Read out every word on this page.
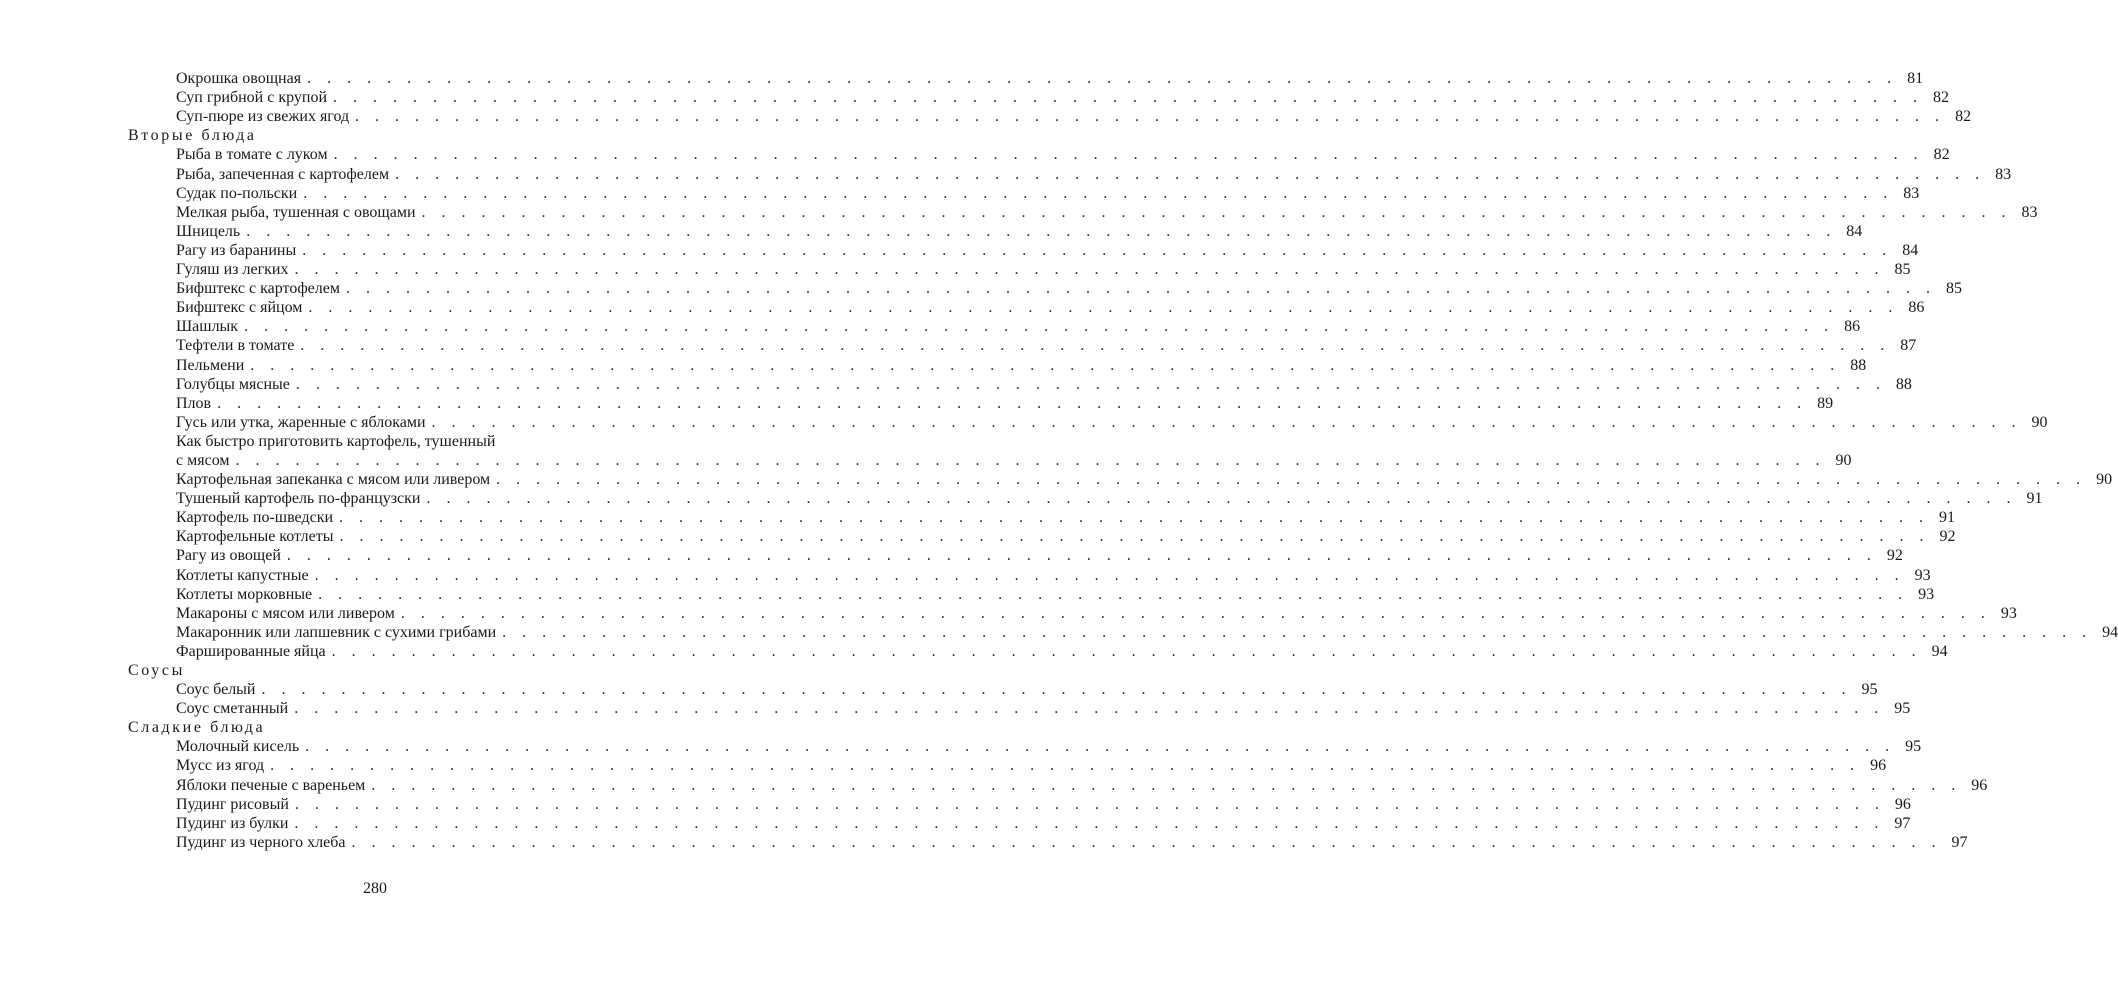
Окрошка овощная . . . . . . . . . . . . . . . . . . . . . . . . . . . . . . . . . . . . . . . . . . . . . . . . . . . . . . . . . . . . . . . . . . . . . . . . . . . . . . . . 81
Суп грибной с крупой . . . . . . . . . . . . . . . . . . . . . . . . . . . . . . . . . . . . . . . . . . . . . . . . . . . . . . . . . . . . . . . . . . . . . . . . . . . . . . . . 82
Суп-пюре из свежих ягод . . . . . . . . . . . . . . . . . . . . . . . . . . . . . . . . . . . . . . . . . . . . . . . . . . . . . . . . . . . . . . . . . . . . . . . . . . . . . . . . 82
Вторые блюда
Рыба в томате с луком . . . . . . . . . . . . . . . . . . . . . . . . . . . . . . . . . . . . . . . . . . . . . . . . . . . . . . . . . . . . . . . . . . . . . . . . . . . . . . . . 82
Рыба, запеченная с картофелем . . . . . . . . . . . . . . . . . . . . . . . . . . . . . . . . . . . . . . . . . . . . . . . . . . . . . . . . . . . . . . . . . . . . . . . . . . . . . . . . 83
Судак по-польски . . . . . . . . . . . . . . . . . . . . . . . . . . . . . . . . . . . . . . . . . . . . . . . . . . . . . . . . . . . . . . . . . . . . . . . . . . . . . . . . 83
Мелкая рыба, тушенная с овощами . . . . . . . . . . . . . . . . . . . . . . . . . . . . . . . . . . . . . . . . . . . . . . . . . . . . . . . . . . . . . . . . . . . . . . . . . . . . . . . . 83
Шницель . . . . . . . . . . . . . . . . . . . . . . . . . . . . . . . . . . . . . . . . . . . . . . . . . . . . . . . . . . . . . . . . . . . . . . . . . . . . . . . . 84
Рагу из баранины . . . . . . . . . . . . . . . . . . . . . . . . . . . . . . . . . . . . . . . . . . . . . . . . . . . . . . . . . . . . . . . . . . . . . . . . . . . . . . . . 84
Гуляш из легких . . . . . . . . . . . . . . . . . . . . . . . . . . . . . . . . . . . . . . . . . . . . . . . . . . . . . . . . . . . . . . . . . . . . . . . . . . . . . . . . 85
Бифштекс с картофелем . . . . . . . . . . . . . . . . . . . . . . . . . . . . . . . . . . . . . . . . . . . . . . . . . . . . . . . . . . . . . . . . . . . . . . . . . . . . . . . . 85
Бифштекс с яйцом . . . . . . . . . . . . . . . . . . . . . . . . . . . . . . . . . . . . . . . . . . . . . . . . . . . . . . . . . . . . . . . . . . . . . . . . . . . . . . . . 86
Шашлык . . . . . . . . . . . . . . . . . . . . . . . . . . . . . . . . . . . . . . . . . . . . . . . . . . . . . . . . . . . . . . . . . . . . . . . . . . . . . . . . 86
Тефтели в томате . . . . . . . . . . . . . . . . . . . . . . . . . . . . . . . . . . . . . . . . . . . . . . . . . . . . . . . . . . . . . . . . . . . . . . . . . . . . . . . . 87
Пельмени . . . . . . . . . . . . . . . . . . . . . . . . . . . . . . . . . . . . . . . . . . . . . . . . . . . . . . . . . . . . . . . . . . . . . . . . . . . . . . . . 88
Голубцы мясные . . . . . . . . . . . . . . . . . . . . . . . . . . . . . . . . . . . . . . . . . . . . . . . . . . . . . . . . . . . . . . . . . . . . . . . . . . . . . . . . 88
Плов . . . . . . . . . . . . . . . . . . . . . . . . . . . . . . . . . . . . . . . . . . . . . . . . . . . . . . . . . . . . . . . . . . . . . . . . . . . . . . . . 89
Гусь или утка, жаренные с яблоками . . . . . . . . . . . . . . . . . . . . . . . . . . . . . . . . . . . . . . . . . . . . . . . . . . . . . . . . . . . . . . . . . . . . . . . . . . . . . . . . 90
Как быстро приготовить картофель, тушенный
с мясом . . . . . . . . . . . . . . . . . . . . . . . . . . . . . . . . . . . . . . . . . . . . . . . . . . . . . . . . . . . . . . . . . . . . . . . . . . . . . . . . 90
Картофельная запеканка с мясом или ливером . . . . . . . . . . . . . . . . . . . . . . . . . . . . . . . . . . . . . . . . . . . . . . . . . . . . . . . . . . . . . . . . . . . . . . . . . . . . . . . . 90
Тушеный картофель по-французски . . . . . . . . . . . . . . . . . . . . . . . . . . . . . . . . . . . . . . . . . . . . . . . . . . . . . . . . . . . . . . . . . . . . . . . . . . . . . . . . 91
Картофель по-шведски . . . . . . . . . . . . . . . . . . . . . . . . . . . . . . . . . . . . . . . . . . . . . . . . . . . . . . . . . . . . . . . . . . . . . . . . . . . . . . . . 91
Картофельные котлеты . . . . . . . . . . . . . . . . . . . . . . . . . . . . . . . . . . . . . . . . . . . . . . . . . . . . . . . . . . . . . . . . . . . . . . . . . . . . . . . . 92
Рагу из овощей . . . . . . . . . . . . . . . . . . . . . . . . . . . . . . . . . . . . . . . . . . . . . . . . . . . . . . . . . . . . . . . . . . . . . . . . . . . . . . . . 92
Котлеты капустные . . . . . . . . . . . . . . . . . . . . . . . . . . . . . . . . . . . . . . . . . . . . . . . . . . . . . . . . . . . . . . . . . . . . . . . . . . . . . . . . 93
Котлеты морковные . . . . . . . . . . . . . . . . . . . . . . . . . . . . . . . . . . . . . . . . . . . . . . . . . . . . . . . . . . . . . . . . . . . . . . . . . . . . . . . . 93
Макароны с мясом или ливером . . . . . . . . . . . . . . . . . . . . . . . . . . . . . . . . . . . . . . . . . . . . . . . . . . . . . . . . . . . . . . . . . . . . . . . . . . . . . . . . 93
Макаронник или лапшевник с сухими грибами . . . . . . . . . . . . . . . . . . . . . . . . . . . . . . . . . . . . . . . . . . . . . . . . . . . . . . . . . . . . . . . . . . . . . . . . . . . . . . . . 94
Фаршированные яйца . . . . . . . . . . . . . . . . . . . . . . . . . . . . . . . . . . . . . . . . . . . . . . . . . . . . . . . . . . . . . . . . . . . . . . . . . . . . . . . . 94
Соусы
Соус белый . . . . . . . . . . . . . . . . . . . . . . . . . . . . . . . . . . . . . . . . . . . . . . . . . . . . . . . . . . . . . . . . . . . . . . . . . . . . . . . . 95
Соус сметанный . . . . . . . . . . . . . . . . . . . . . . . . . . . . . . . . . . . . . . . . . . . . . . . . . . . . . . . . . . . . . . . . . . . . . . . . . . . . . . . . 95
Сладкие блюда
Молочный кисель . . . . . . . . . . . . . . . . . . . . . . . . . . . . . . . . . . . . . . . . . . . . . . . . . . . . . . . . . . . . . . . . . . . . . . . . . . . . . . . . 95
Мусс из ягод . . . . . . . . . . . . . . . . . . . . . . . . . . . . . . . . . . . . . . . . . . . . . . . . . . . . . . . . . . . . . . . . . . . . . . . . . . . . . . . . 96
Яблоки печеные с вареньем . . . . . . . . . . . . . . . . . . . . . . . . . . . . . . . . . . . . . . . . . . . . . . . . . . . . . . . . . . . . . . . . . . . . . . . . . . . . . . . . 96
Пудинг рисовый . . . . . . . . . . . . . . . . . . . . . . . . . . . . . . . . . . . . . . . . . . . . . . . . . . . . . . . . . . . . . . . . . . . . . . . . . . . . . . . . 96
Пудинг из булки . . . . . . . . . . . . . . . . . . . . . . . . . . . . . . . . . . . . . . . . . . . . . . . . . . . . . . . . . . . . . . . . . . . . . . . . . . . . . . . . 97
Пудинг из черного хлеба . . . . . . . . . . . . . . . . . . . . . . . . . . . . . . . . . . . . . . . . . . . . . . . . . . . . . . . . . . . . . . . . . . . . . . . . . . . . . . . . 97
280
